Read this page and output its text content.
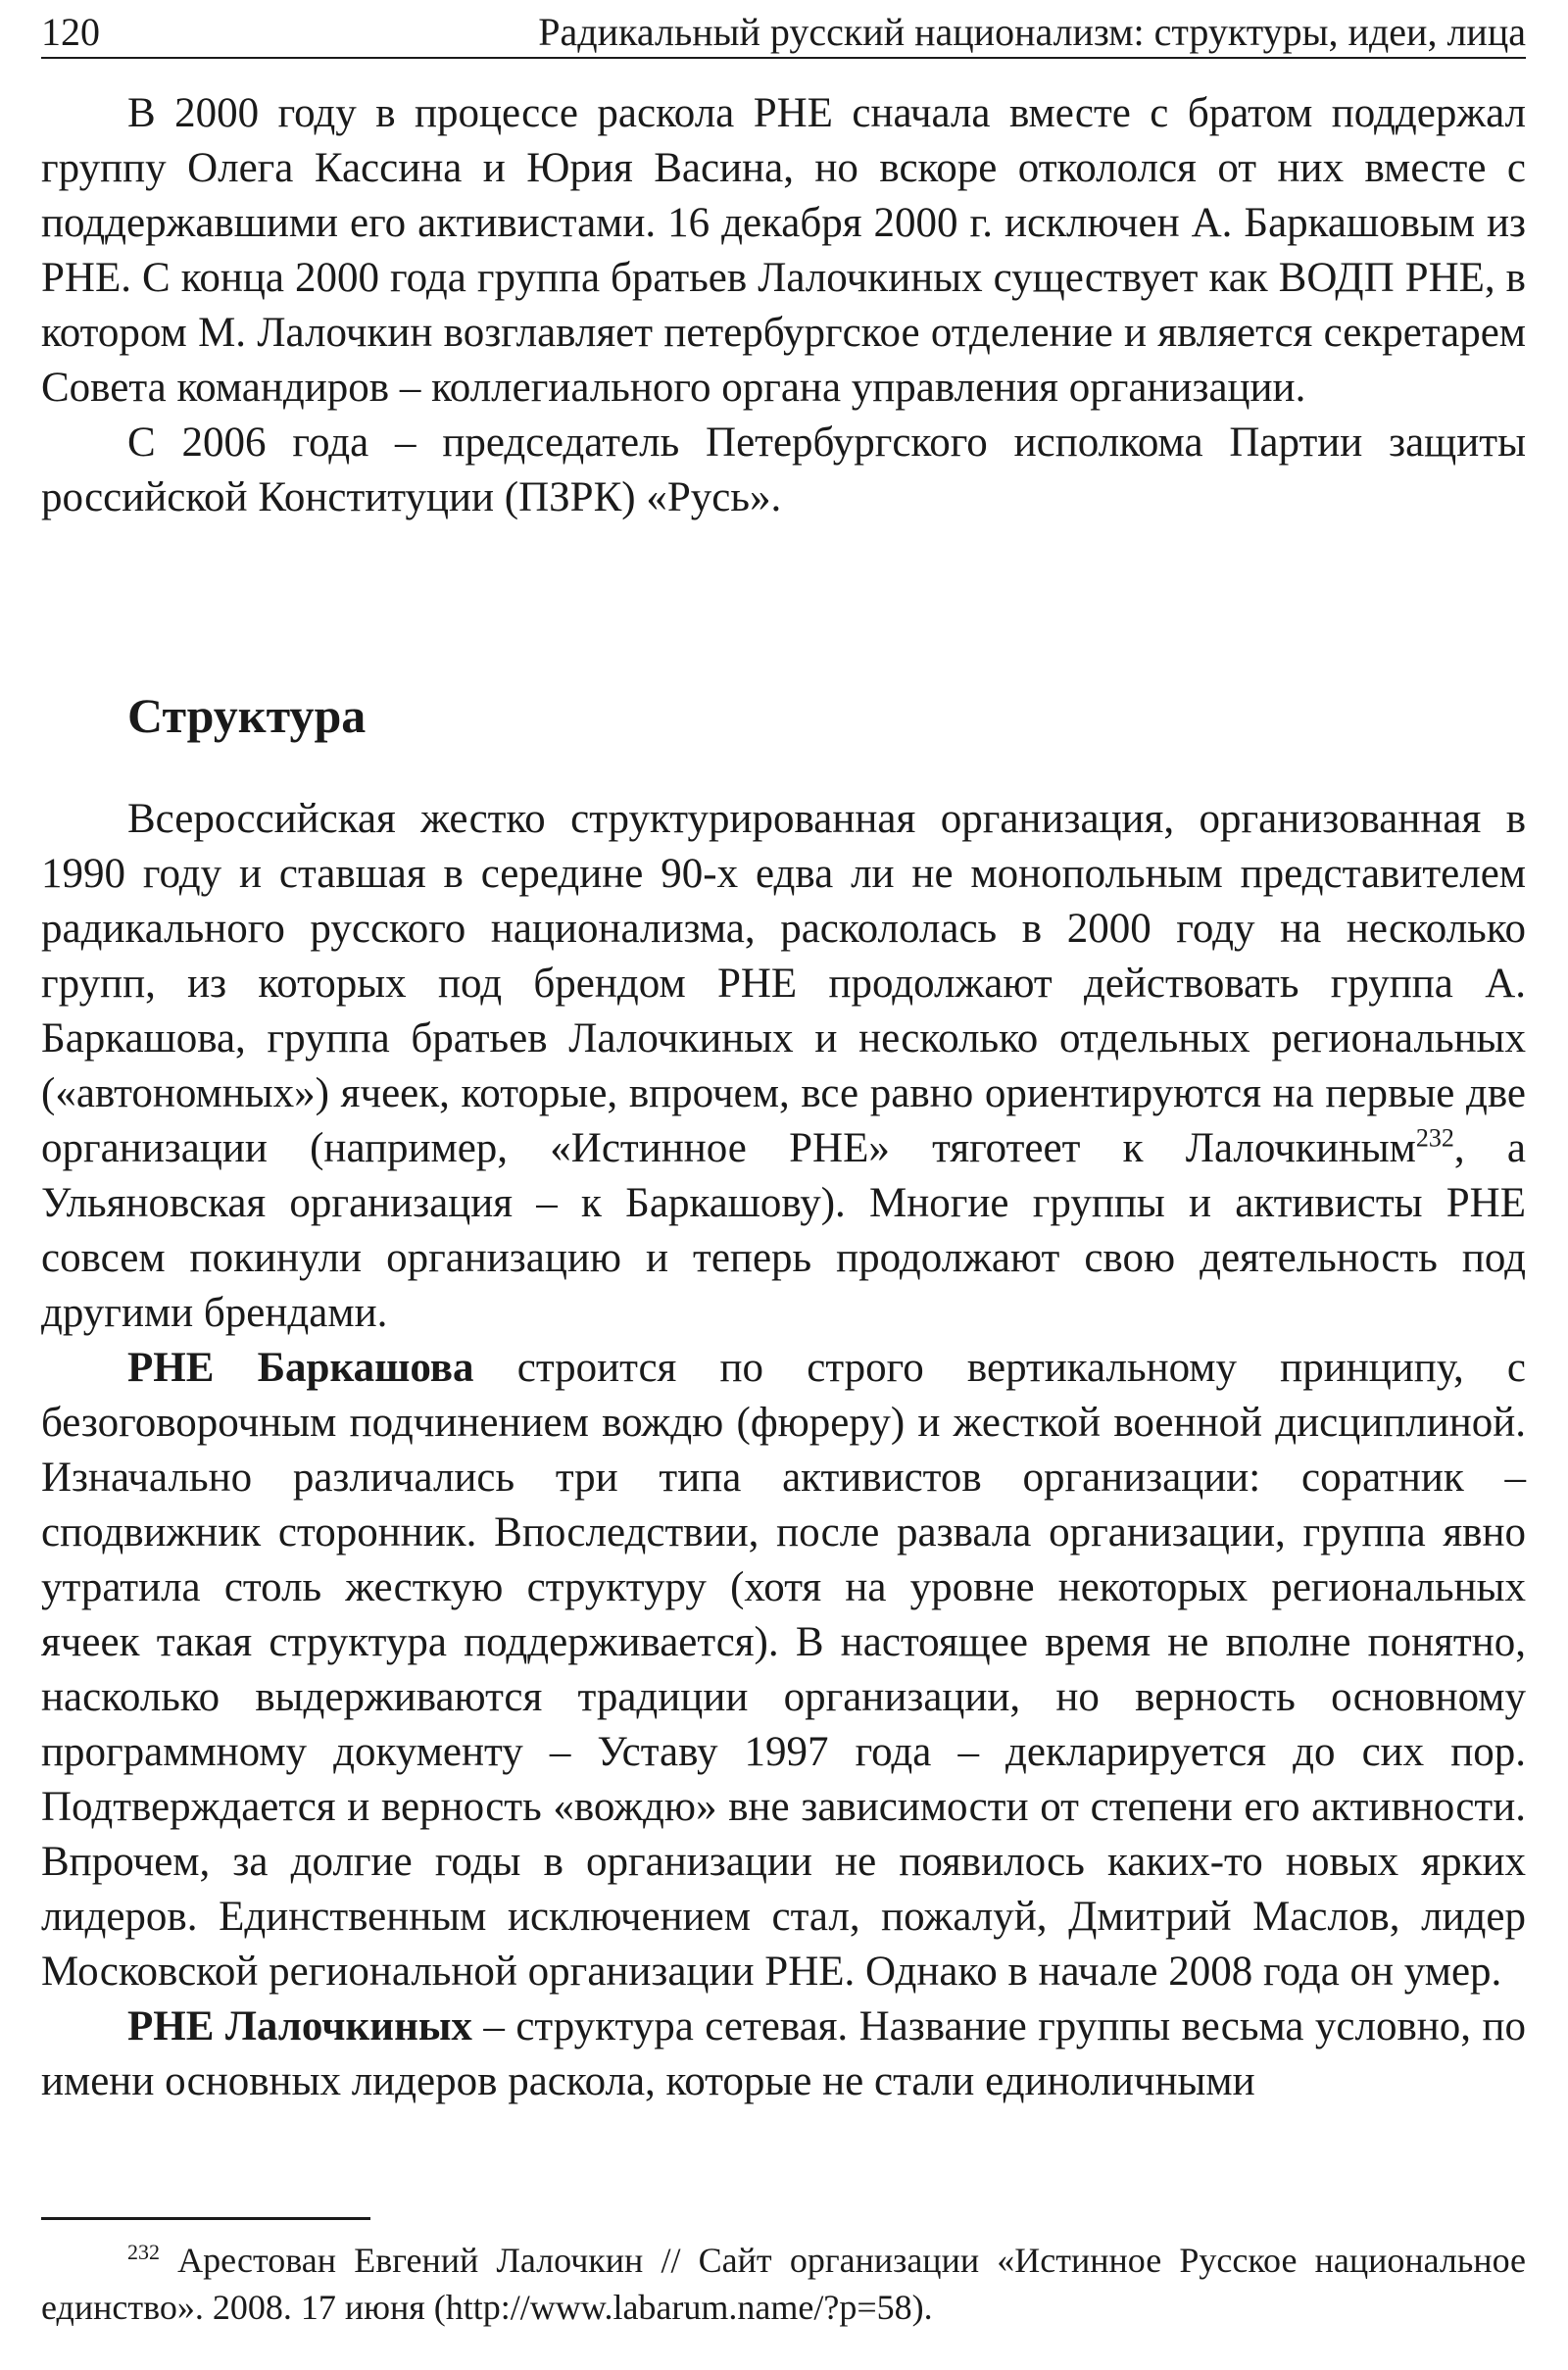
120	Радикальный русский национализм: структуры, идеи, лица

В 2000 году в процессе раскола РНЕ сначала вместе с братом поддержал группу Олега Кассина и Юрия Васина, но вскоре откололся от них вместе с поддержавшими его активистами. 16 декабря 2000 г. исключен А. Баркашовым из РНЕ. С конца 2000 года группа братьев Лалочкиных существует как ВОДП РНЕ, в котором М. Лалочкин возглавляет петербургское отделение и является секретарем Совета командиров – коллегиального органа управления организации.

С 2006 года – председатель Петербургского исполкома Партии защиты российской Конституции (ПЗРК) «Русь».

Структура

Всероссийская жестко структурированная организация, организованная в 1990 году и ставшая в середине 90-х едва ли не монопольным представителем радикального русского национализма, раскололась в 2000 году на несколько групп, из которых под брендом РНЕ продолжают действовать группа А. Баркашова, группа братьев Лалочкиных и несколько отдельных региональных («автономных») ячеек, которые, впрочем, все равно ориентируются на первые две организации (например, «Истинное РНЕ» тяготеет к Лалочкиным$^{232}$, а Ульяновская организация – к Баркашову). Многие группы и активисты РНЕ совсем покинули организацию и теперь продолжают свою деятельность под другими брендами.

РНЕ Баркашова строится по строго вертикальному принципу, с безоговорочным подчинением вождю (фюреру) и жесткой военной дисциплиной. Изначально различались три типа активистов организации: соратник – сподвижник сторонник. Впоследствии, после развала организации, группа явно утратила столь жесткую структуру (хотя на уровне некоторых региональных ячеек такая структура поддерживается). В настоящее время не вполне понятно, насколько выдерживаются традиции организации, но верность основному программному документу – Уставу 1997 года – декларируется до сих пор. Подтверждается и верность «вождю» вне зависимости от степени его активности. Впрочем, за долгие годы в организации не появилось каких-то новых ярких лидеров. Единственным исключением стал, пожалуй, Дмитрий Маслов, лидер Московской региональной организации РНЕ. Однако в начале 2008 года он умер.

РНЕ Лалочкиных – структура сетевая. Название группы весьма условно, по имени основных лидеров раскола, которые не стали единоличными

$^{232}$ Арестован Евгений Лалочкин // Сайт организации «Истинное Русское национальное единство». 2008. 17 июня (http://www.labarum.name/?p=58).
